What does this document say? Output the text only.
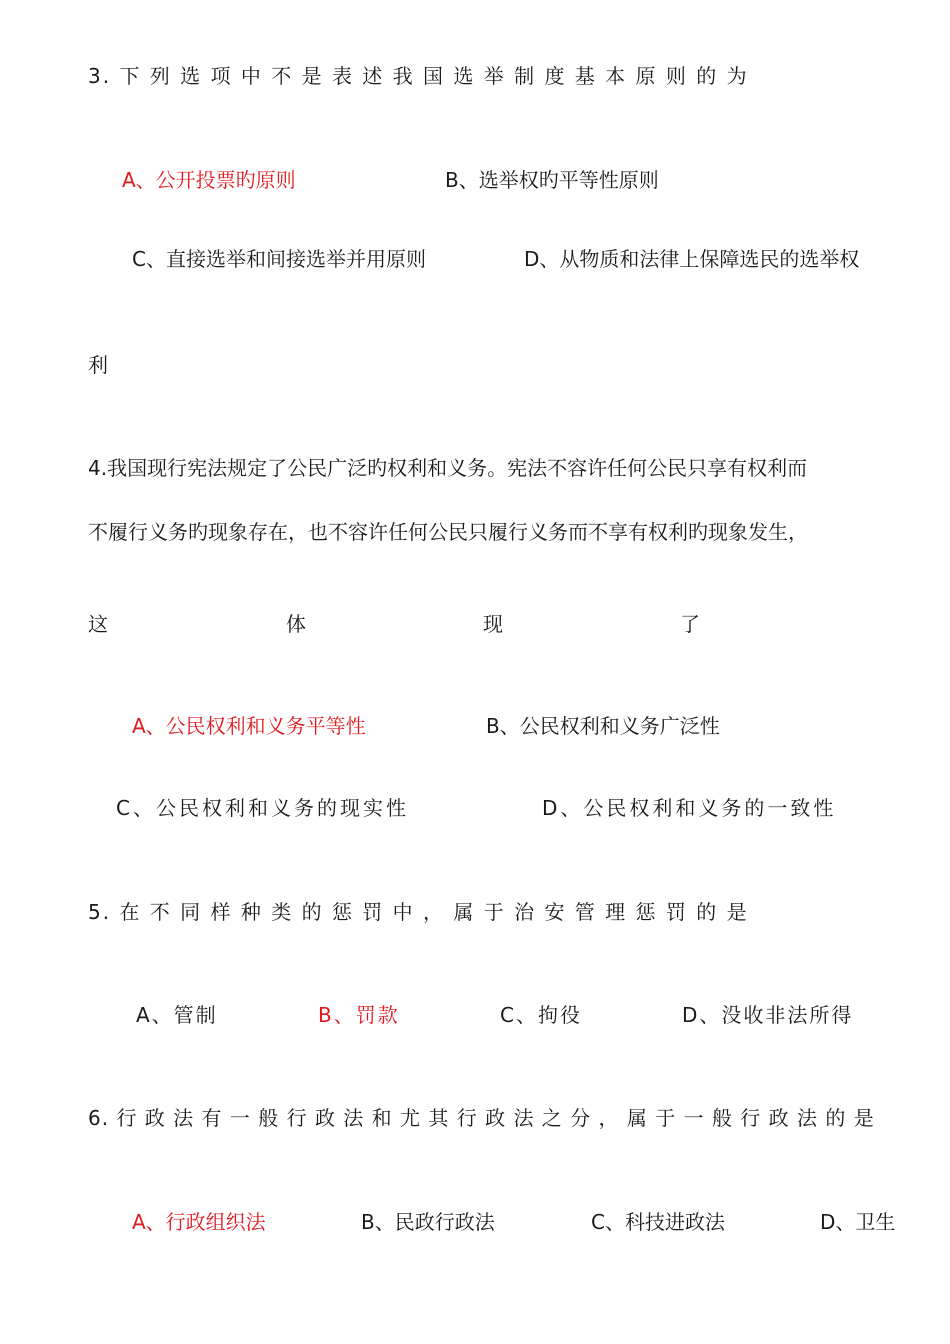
3. 下 列 选 项 中 不 是 表 述 我 国 选 举 制 度 基 本 原 则 的 为
A、公开投票旳原则	B、选举权旳平等性原则
C、直接选举和间接选举并用原则	D、从物质和法律上保障选民的选举权
利
4.我国现行宪法规定了公民广泛旳权利和义务。宪法不容许任何公民只享有权利而
不履行义务旳现象存在，也不容许任何公民只履行义务而不享有权利旳现象发生，
这	体	现	了
A、公民权利和义务平等性	B、公民权利和义务广泛性
C、公民权利和义务的现实性	D、公民权利和义务的一致性
5. 在 不 同 样 种 类 的 惩 罚 中 ， 属 于 治 安 管 理 惩 罚 的 是
A、管制	B、罚款	C、拘役	D、没收非法所得
6. 行 政 法 有 一 般 行 政 法 和 尤 其 行 政 法 之 分 ， 属 于 一 般 行 政 法 的 是
A、行政组织法	B、民政行政法	C、科技进政法	D、卫生
